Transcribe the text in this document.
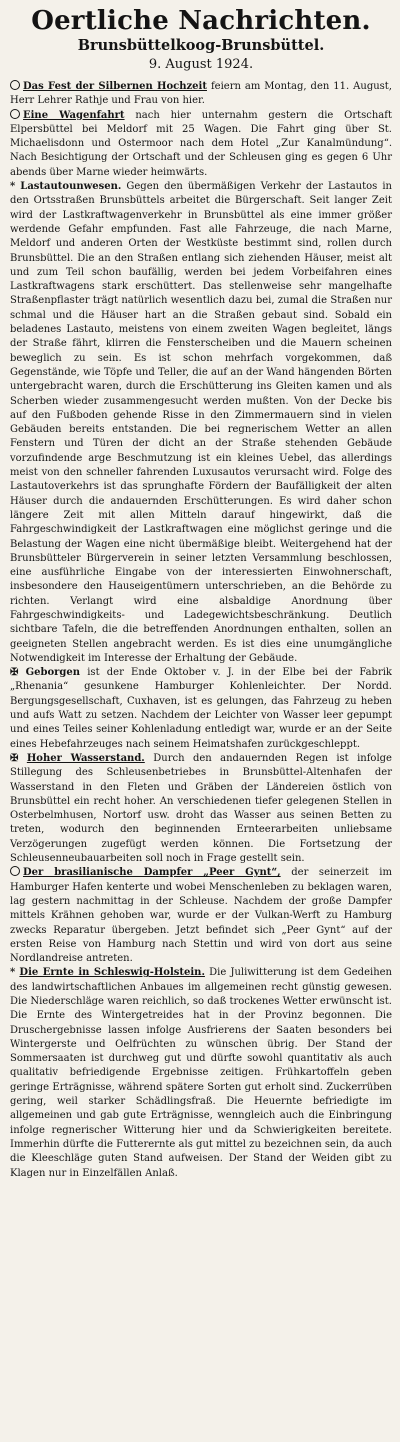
Oertliche Nachrichten.
Brunsbüttelkoog-Brunsbüttel.
9. August 1924.

Das Fest der Silbernen Hochzeit feiern am Montag, den 11. August, Herr Lehrer Rathje und Frau von hier.

Eine Wagenfahrt nach hier unternahm gestern die Ortschaft Elpersbüttel bei Meldorf mit 25 Wagen. Die Fahrt ging über St. Michaelisdonn und Ostermoor nach dem Hotel „Zur Kanalmündung“. Nach Besichtigung der Ortschaft und der Schleusen ging es gegen 6 Uhr abends über Marne wieder heimwärts.

* Lastautounwesen. Gegen den übermäßigen Verkehr der Lastautos in den Ortsstraßen Brunsbüttels arbeitet die Bürgerschaft. Seit langer Zeit wird der Lastkraftwagenverkehr in Brunsbüttel als eine immer größer werdende Gefahr empfunden. Fast alle Fahrzeuge, die nach Marne, Meldorf und anderen Orten der Westküste bestimmt sind, rollen durch Brunsbüttel. Die an den Straßen entlang sich ziehenden Häuser, meist alt und zum Teil schon baufällig, werden bei jedem Vorbeifahren eines Lastkraftwagens stark erschüttert. Das stellenweise sehr mangelhafte Straßenpflaster trägt natürlich wesentlich dazu bei, zumal die Straßen nur schmal und die Häuser hart an die Straßen gebaut sind. Sobald ein beladenes Lastauto, meistens von einem zweiten Wagen begleitet, längs der Straße fährt, klirren die Fensterscheiben und die Mauern scheinen beweglich zu sein. Es ist schon mehrfach vorgekommen, daß Gegenstände, wie Töpfe und Teller, die auf an der Wand hängenden Börten untergebracht waren, durch die Erschütterung ins Gleiten kamen und als Scherben wieder zusammengesucht werden mußten. Von der Decke bis auf den Fußboden gehende Risse in den Zimmermauern sind in vielen Gebäuden bereits entstanden. Die bei regnerischem Wetter an allen Fenstern und Türen der dicht an der Straße stehenden Gebäude vorzufindende arge Beschmutzung ist ein kleines Uebel, das allerdings meist von den schneller fahrenden Luxusautos verursacht wird. Folge des Lastautoverkehrs ist das sprunghafte Fördern der Baufälligkeit der alten Häuser durch die andauernden Erschütterungen. Es wird daher schon längere Zeit mit allen Mitteln darauf hingewirkt, daß die Fahrgeschwindigkeit der Lastkraftwagen eine möglichst geringe und die Belastung der Wagen eine nicht übermäßige bleibt. Weitergehend hat der Brunsbütteler Bürgerverein in seiner letzten Versammlung beschlossen, eine ausführliche Eingabe von der interessierten Einwohnerschaft, insbesondere den Hauseigentümern unterschrieben, an die Behörde zu richten. Verlangt wird eine alsbaldige Anordnung über Fahrgeschwindigkeits- und Ladegewichtsbeschränkung. Deutlich sichtbare Tafeln, die die betreffenden Anordnungen enthalten, sollen an geeigneten Stellen angebracht werden. Es ist dies eine unumgängliche Notwendigkeit im Interesse der Erhaltung der Gebäude.

✠ Geborgen ist der Ende Oktober v. J. in der Elbe bei der Fabrik „Rhenania“ gesunkene Hamburger Kohlenleichter. Der Nordd. Bergungsgesellschaft, Cuxhaven, ist es gelungen, das Fahrzeug zu heben und aufs Watt zu setzen. Nachdem der Leichter von Wasser leer gepumpt und eines Teiles seiner Kohlenladung entledigt war, wurde er an der Seite eines Hebefahrzeuges nach seinem Heimatshafen zurückgeschleppt.

✠ Hoher Wasserstand. Durch den andauernden Regen ist infolge Stillegung des Schleusenbetriebes in Brunsbüttel-Altenhafen der Wasserstand in den Fleten und Gräben der Ländereien östlich von Brunsbüttel ein recht hoher. An verschiedenen tiefer gelegenen Stellen in Osterbelmhusen, Nortorf usw. droht das Wasser aus seinen Betten zu treten, wodurch den beginnenden Ernteerarbeiten unliebsame Verzögerungen zugefügt werden können. Die Fortsetzung der Schleusenneubauarbeiten soll noch in Frage gestellt sein.

Der brasilianische Dampfer „Peer Gynt“, der seinerzeit im Hamburger Hafen kenterte und wobei Menschenleben zu beklagen waren, lag gestern nachmittag in der Schleuse. Nachdem der große Dampfer mittels Krähnen gehoben war, wurde er der Vulkan-Werft zu Hamburg zwecks Reparatur übergeben. Jetzt befindet sich „Peer Gynt“ auf der ersten Reise von Hamburg nach Stettin und wird von dort aus seine Nordlandreise antreten.

* Die Ernte in Schleswig-Holstein. Die Juliwitterung ist dem Gedeihen des landwirtschaftlichen Anbaues im allgemeinen recht günstig gewesen. Die Niederschläge waren reichlich, so daß trockenes Wetter erwünscht ist. Die Ernte des Wintergetreides hat in der Provinz begonnen. Die Druschergebnisse lassen infolge Ausfrierens der Saaten besonders bei Wintergerste und Oelfrüchten zu wünschen übrig. Der Stand der Sommersaaten ist durchweg gut und dürfte sowohl quantitativ als auch qualitativ befriedigende Ergebnisse zeitigen. Frühkartoffeln geben geringe Erträgnisse, während spätere Sorten gut erholt sind. Zuckerrüben gering, weil starker Schädlingsfraß. Die Heuernte befriedigte im allgemeinen und gab gute Erträgnisse, wenngleich auch die Einbringung infolge regnerischer Witterung hier und da Schwierigkeiten bereitete. Immerhin dürfte die Futterernte als gut mittel zu bezeichnen sein, da auch die Kleeschläge guten Stand aufweisen. Der Stand der Weiden gibt zu Klagen nur in Einzelfällen Anlaß.
